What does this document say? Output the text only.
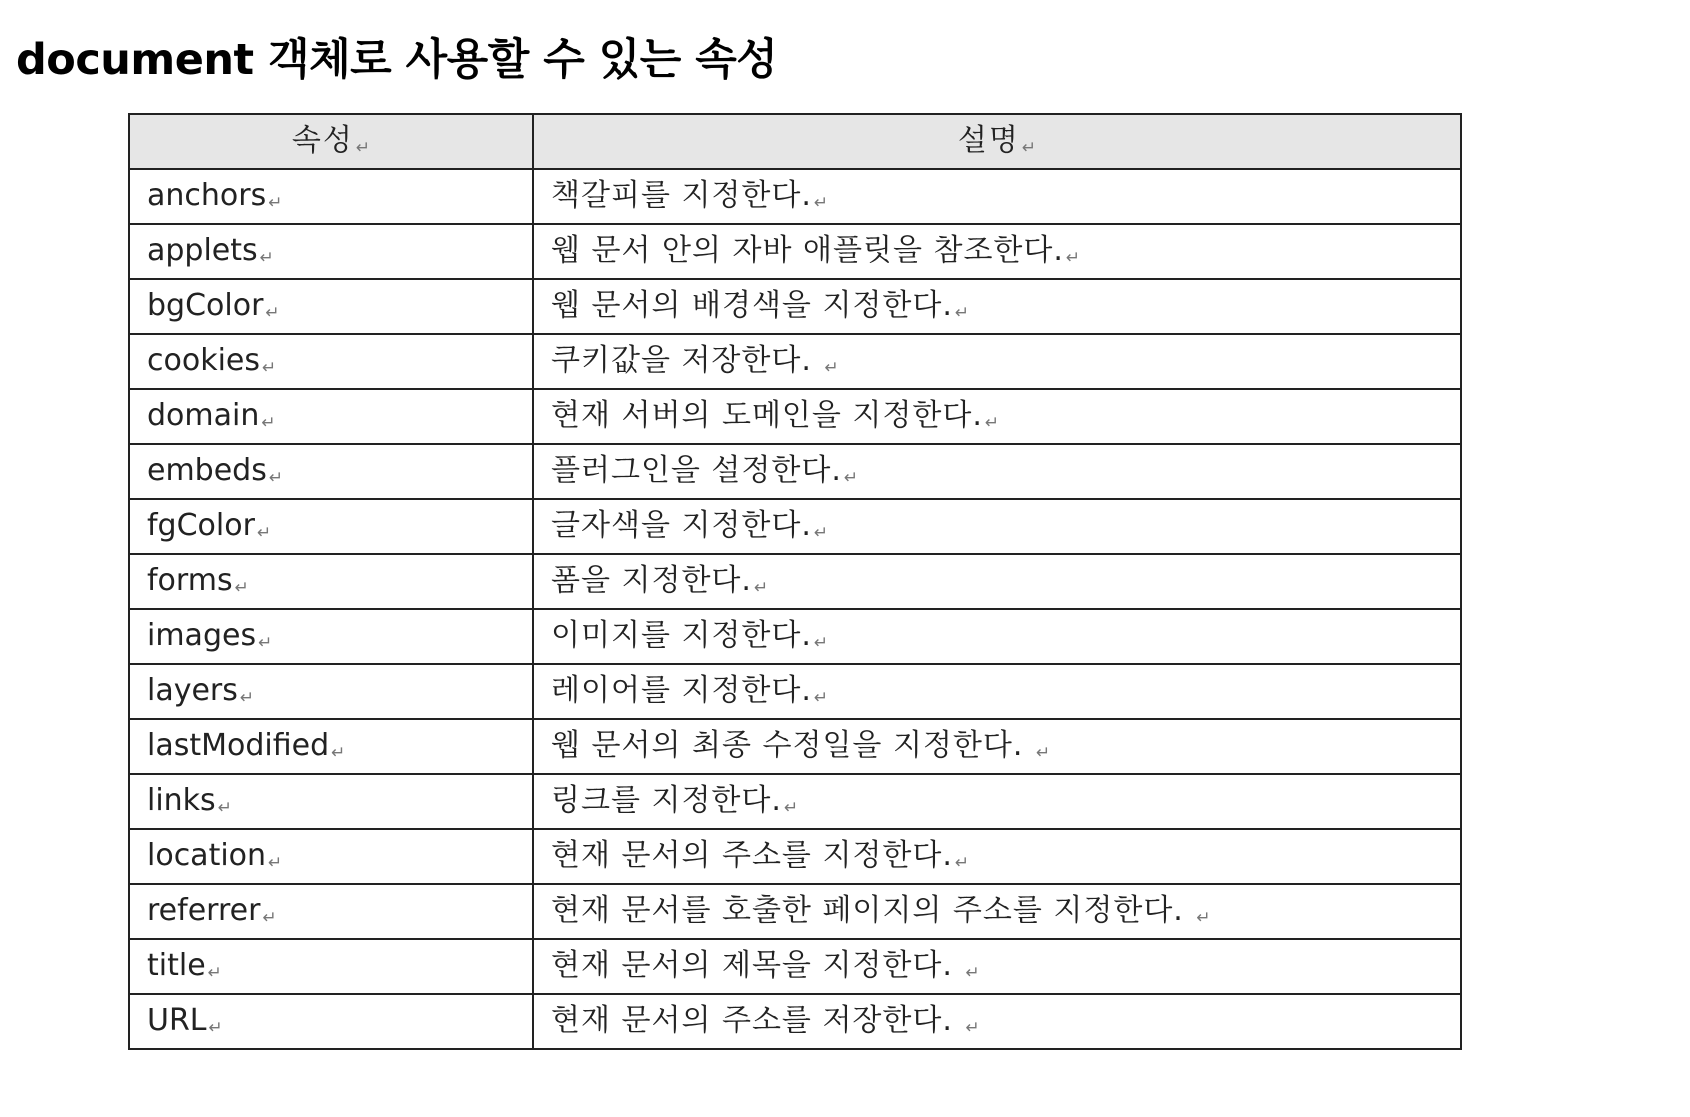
document 객체로 사용할 수 있는 속성
속성 ↵	설명 ↵
anchors ↵	책갈피를 지정한다. ↵
applets ↵	웹 문서 안의 자바 애플릿을 참조한다. ↵
bgColor ↵	웹 문서의 배경색을 지정한다. ↵
cookies ↵	쿠키값을 저장한다. ↵
domain ↵	현재 서버의 도메인을 지정한다. ↵
embeds ↵	플러그인을 설정한다. ↵
fgColor ↵	글자색을 지정한다. ↵
forms ↵	폼을 지정한다. ↵
images ↵	이미지를 지정한다. ↵
layers ↵	레이어를 지정한다. ↵
lastModified ↵	웹 문서의 최종 수정일을 지정한다. ↵
links ↵	링크를 지정한다. ↵
location ↵	현재 문서의 주소를 지정한다. ↵
referrer ↵	현재 문서를 호출한 페이지의 주소를 지정한다. ↵
title ↵	현재 문서의 제목을 지정한다. ↵
URL ↵	현재 문서의 주소를 저장한다. ↵
